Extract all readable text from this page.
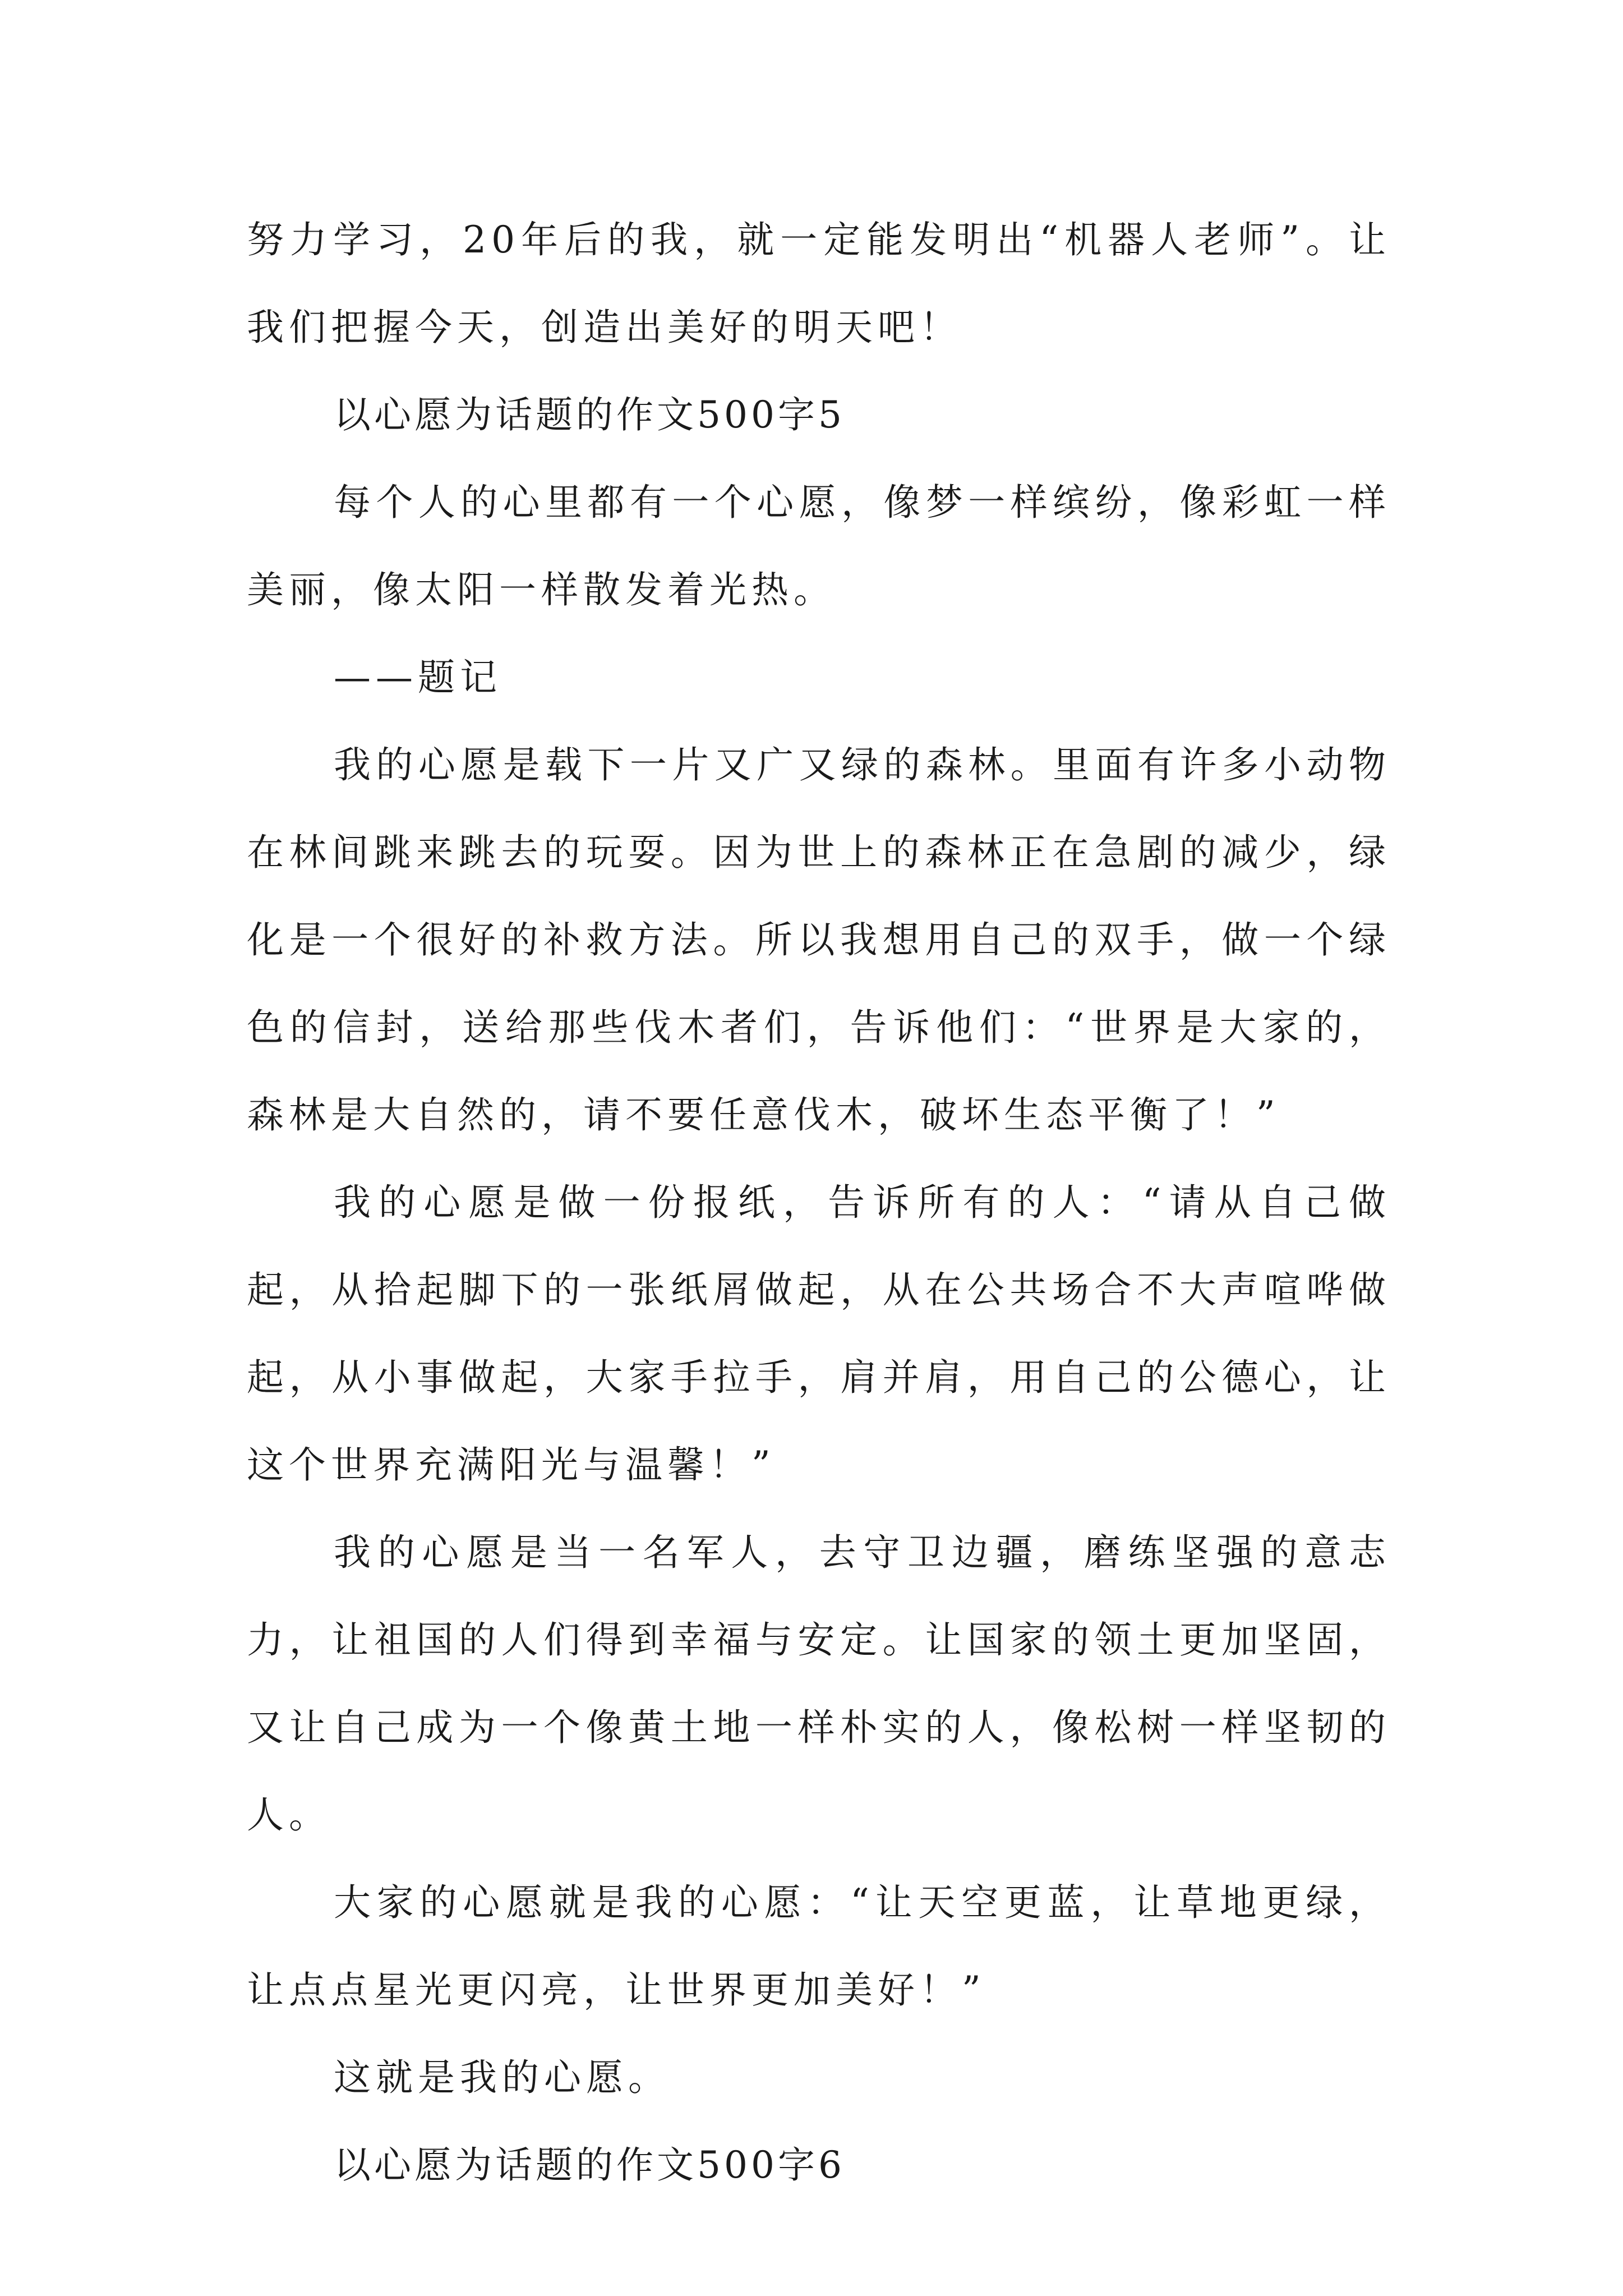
努力学习，20年后的我，就一定能发明出“机器人老师”。让我们把握今天，创造出美好的明天吧！

以心愿为话题的作文500字5

每个人的心里都有一个心愿，像梦一样缤纷，像彩虹一样美丽，像太阳一样散发着光热。

——题记

我的心愿是载下一片又广又绿的森林。里面有许多小动物在林间跳来跳去的玩耍。因为世上的森林正在急剧的减少，绿化是一个很好的补救方法。所以我想用自己的双手，做一个绿色的信封，送给那些伐木者们，告诉他们：“世界是大家的，森林是大自然的，请不要任意伐木，破坏生态平衡了！”

我的心愿是做一份报纸，告诉所有的人：“请从自己做起，从拾起脚下的一张纸屑做起，从在公共场合不大声喧哗做起，从小事做起，大家手拉手，肩并肩，用自己的公德心，让这个世界充满阳光与温馨！”

我的心愿是当一名军人，去守卫边疆，磨练坚强的意志力，让祖国的人们得到幸福与安定。让国家的领土更加坚固，又让自己成为一个像黄土地一样朴实的人，像松树一样坚韧的人。

大家的心愿就是我的心愿：“让天空更蓝，让草地更绿，让点点星光更闪亮，让世界更加美好！”

这就是我的心愿。

以心愿为话题的作文500字6
